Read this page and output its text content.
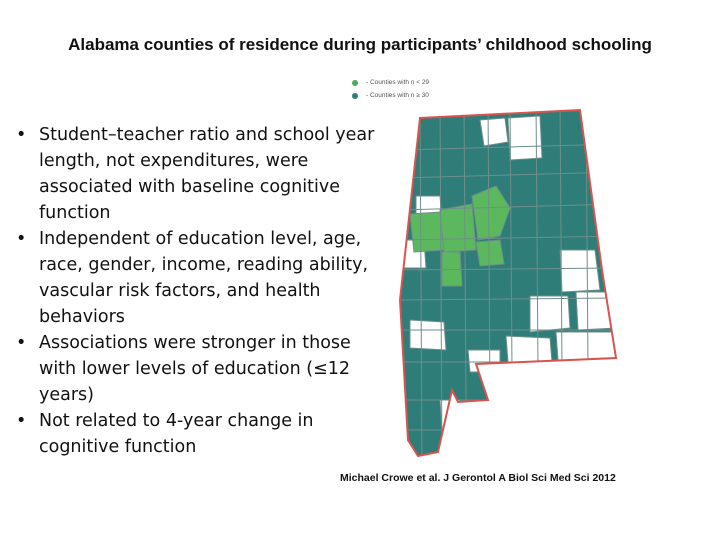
Alabama counties of residence during participants’ childhood schooling
- Counties with n < 29
- Counties with n ≥ 30
• Student–teacher ratio and school year length, not expenditures, were associated with baseline cognitive function
• Independent of education level, age, race, gender, income, reading ability, vascular risk factors, and health behaviors
• Associations were stronger in those with lower levels of education (≤12 years)
• Not related to 4-year change in cognitive function
Michael Crowe et al. J Gerontol A Biol Sci Med Sci 2012
